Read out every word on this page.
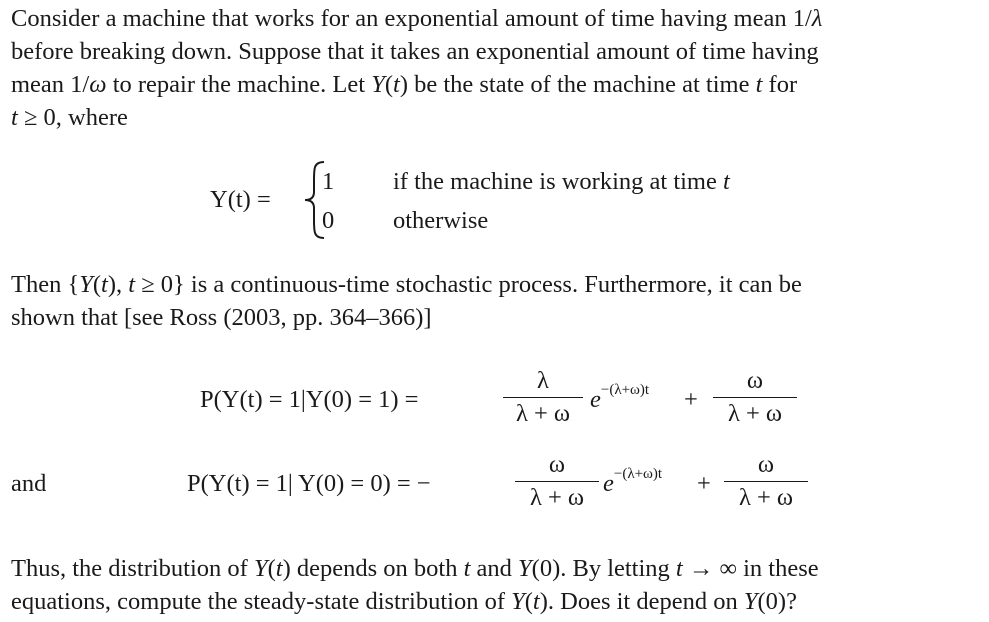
Consider a machine that works for an exponential amount of time having mean 1/λ
before breaking down. Suppose that it takes an exponential amount of time having
mean 1/ω to repair the machine. Let Y(t) be the state of the machine at time t for
t ≥ 0, where

Y(t) =
1 if the machine is working at time t
0 otherwise

Then {Y(t), t ≥ 0} is a continuous-time stochastic process. Furthermore, it can be
shown that [see Ross (2003, pp. 364–366)]

P(Y(t) = 1|Y(0) = 1) =
λ
λ + ω
$e^{-(\lambda+\omega)t}$ +
ω
λ + ω
and	P(Y(t) = 1| Y(0) = 0) = −
ω
λ + ω
$e^{-(\lambda+\omega)t}$ +
ω
λ + ω

Thus, the distribution of Y(t) depends on both t and Y(0). By letting t → ∞ in these
equations, compute the steady-state distribution of Y(t). Does it depend on Y(0)?
